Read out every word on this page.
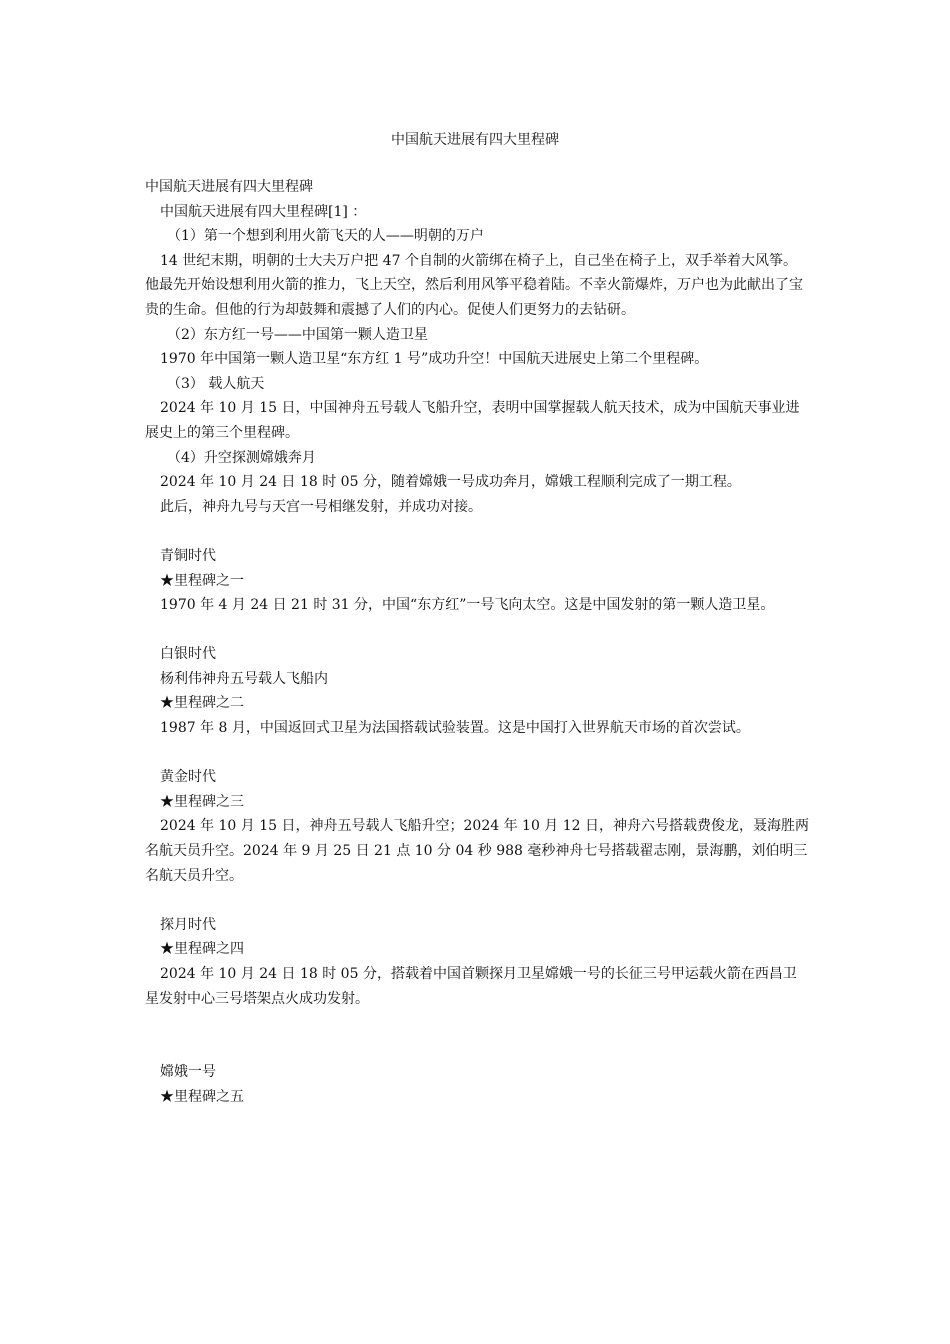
中国航天进展有四大里程碑

中国航天进展有四大里程碑

中国航天进展有四大里程碑[1] ：

（1）第一个想到利用火箭飞天的人——明朝的万户

14 世纪末期，明朝的士大夫万户把 47 个自制的火箭绑在椅子上，自己坐在椅子上，双手举着大风筝。他最先开始设想利用火箭的推力，飞上天空，然后利用风筝平稳着陆。不幸火箭爆炸，万户也为此献出了宝贵的生命。但他的行为却鼓舞和震撼了人们的内心。促使人们更努力的去钻研。

（2）东方红一号——中国第一颗人造卫星

1970 年中国第一颗人造卫星“东方红 1 号”成功升空！中国航天进展史上第二个里程碑。

（3） 载人航天

2024 年 10 月 15 日，中国神舟五号载人飞船升空，表明中国掌握载人航天技术，成为中国航天事业进展史上的第三个里程碑。

（4）升空探测嫦娥奔月

2024 年 10 月 24 日 18 时 05 分，随着嫦娥一号成功奔月，嫦娥工程顺利完成了一期工程。

此后，神舟九号与天宫一号相继发射，并成功对接。

青铜时代

★里程碑之一

1970 年 4 月 24 日 21 时 31 分，中国“东方红”一号飞向太空。这是中国发射的第一颗人造卫星。

白银时代

杨利伟神舟五号载人飞船内

★里程碑之二

1987 年 8 月，中国返回式卫星为法国搭载试验装置。这是中国打入世界航天市场的首次尝试。

黄金时代

★里程碑之三

2024 年 10 月 15 日，神舟五号载人飞船升空；2024 年 10 月 12 日，神舟六号搭载费俊龙，聂海胜两名航天员升空。2024 年 9 月 25 日 21 点 10 分 04 秒 988 毫秒神舟七号搭载翟志刚，景海鹏，刘伯明三名航天员升空。

探月时代

★里程碑之四

2024 年 10 月 24 日 18 时 05 分，搭载着中国首颗探月卫星嫦娥一号的长征三号甲运载火箭在西昌卫星发射中心三号塔架点火成功发射。

嫦娥一号

★里程碑之五
